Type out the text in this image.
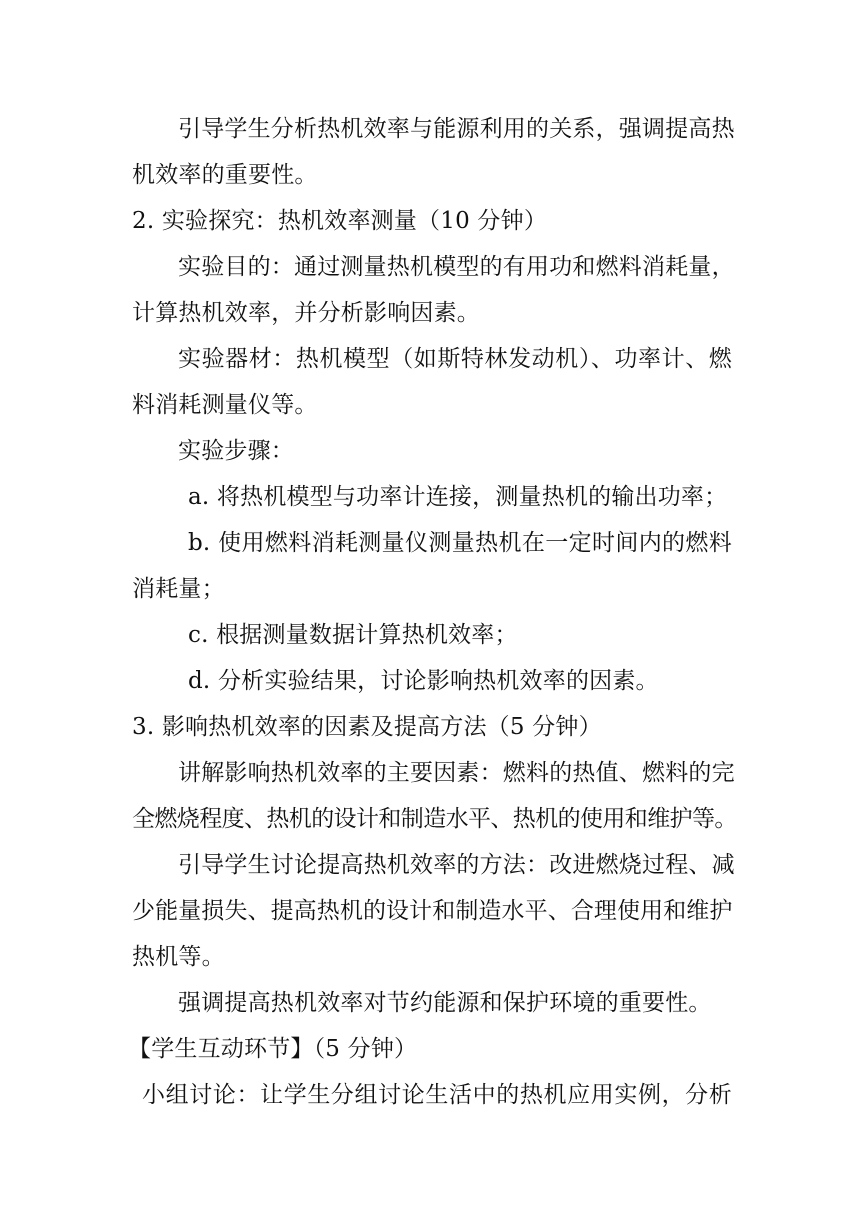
引导学生分析热机效率与能源利用的关系，强调提高热
机效率的重要性。
2. 实验探究：热机效率测量（10 分钟）
实验目的：通过测量热机模型的有用功和燃料消耗量，
计算热机效率，并分析影响因素。
实验器材：热机模型（如斯特林发动机）、功率计、燃
料消耗测量仪等。
实验步骤：
a. 将热机模型与功率计连接，测量热机的输出功率；
b. 使用燃料消耗测量仪测量热机在一定时间内的燃料
消耗量；
c. 根据测量数据计算热机效率；
d. 分析实验结果，讨论影响热机效率的因素。
3. 影响热机效率的因素及提高方法（5 分钟）
讲解影响热机效率的主要因素：燃料的热值、燃料的完
全燃烧程度、热机的设计和制造水平、热机的使用和维护等。
引导学生讨论提高热机效率的方法：改进燃烧过程、减
少能量损失、提高热机的设计和制造水平、合理使用和维护
热机等。
强调提高热机效率对节约能源和保护环境的重要性。
【学生互动环节】（5 分钟）
小组讨论：让学生分组讨论生活中的热机应用实例，分析
